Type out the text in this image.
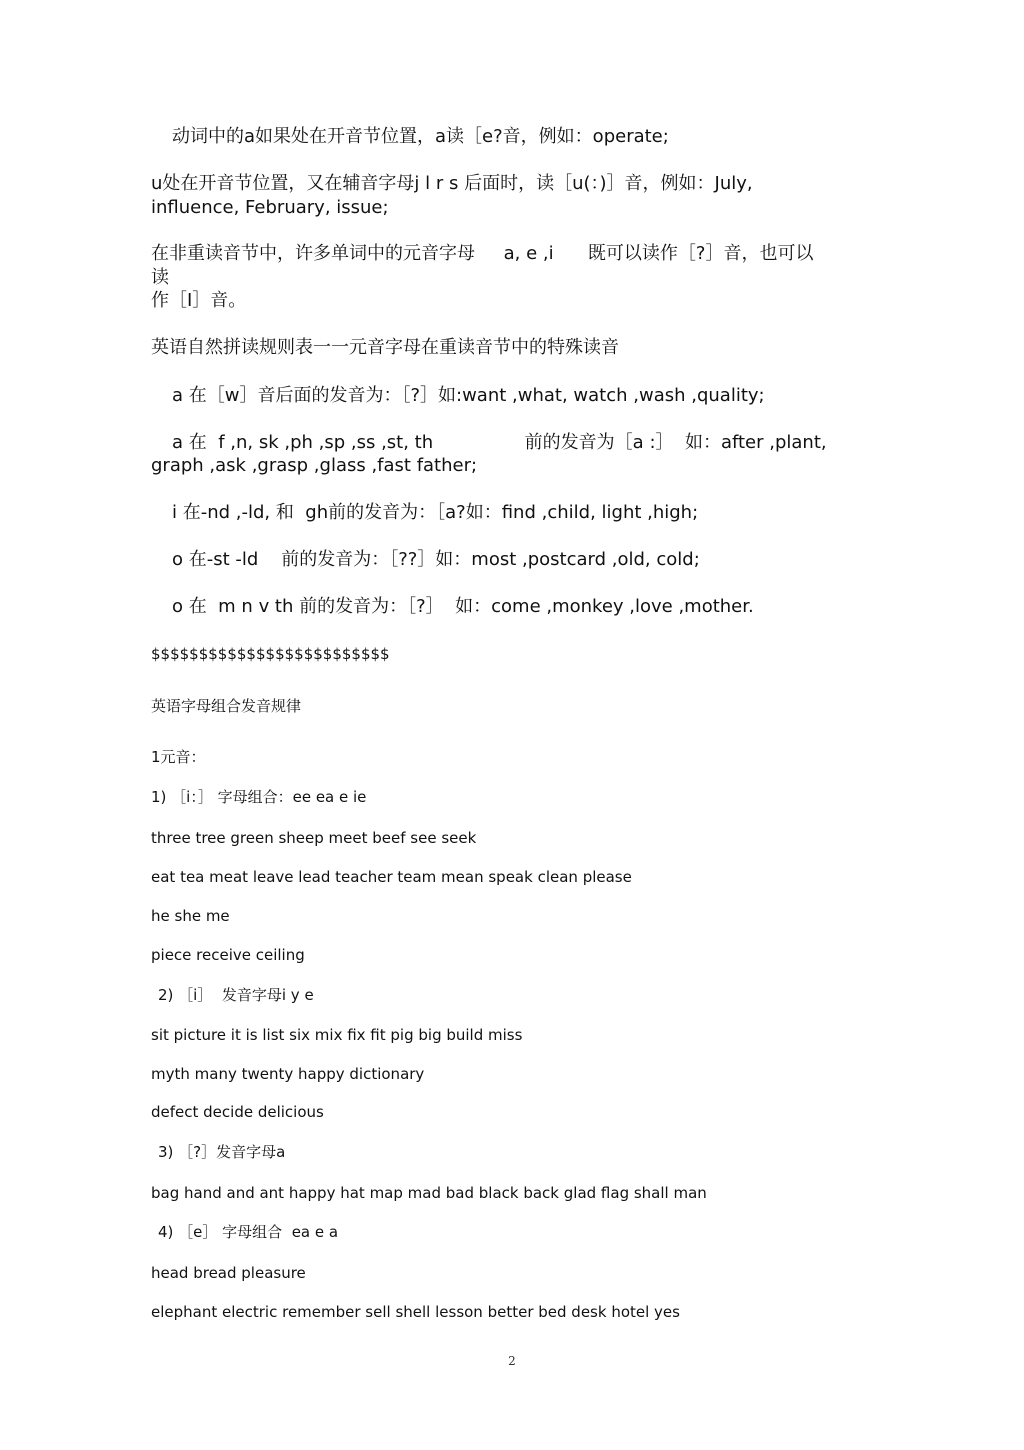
动词中的a如果处在开音节位置，a读［e?音，例如：operate;
u处在开音节位置，又在辅音字母j l r s 后面时，读［u(：)］音，例如：July,
influence, February, issue;
在非重读音节中，许多单词中的元音字母     a, e ,i      既可以读作［?］音，也可以
读
作［I］音。
英语自然拼读规则表一一元音字母在重读音节中的特殊读音
a 在［w］音后面的发音为：［?］如:want ,what, watch ,wash ,quality;
a 在  f ,n, sk ,ph ,sp ,ss ,st, th                前的发音为［a :］  如：after ,plant,
graph ,ask ,grasp ,glass ,fast father;
i 在-nd ,-ld, 和  gh前的发音为：［a?如：find ,child, light ,high;
o 在-st -ld    前的发音为：［??］如：most ,postcard ,old, cold;
o 在  m n v th 前的发音为：［?］  如：come ,monkey ,love ,mother.
$$$$$$$$$$$$$$$$$$$$$$$$$
英语字母组合发音规律
1元音：
1) ［i：］ 字母组合：ee ea e ie
three tree green sheep meet beef see seek
eat tea meat leave lead teacher team mean speak clean please
he she me
piece receive ceiling
2) ［i］  发音字母i y e
sit picture it is list six mix fix fit pig big build miss
myth many twenty happy dictionary
defect decide delicious
3) ［?］发音字母a
bag hand and ant happy hat map mad bad black back glad flag shall man
4) ［e］ 字母组合  ea e a
head bread pleasure
elephant electric remember sell shell lesson better bed desk hotel yes
2
